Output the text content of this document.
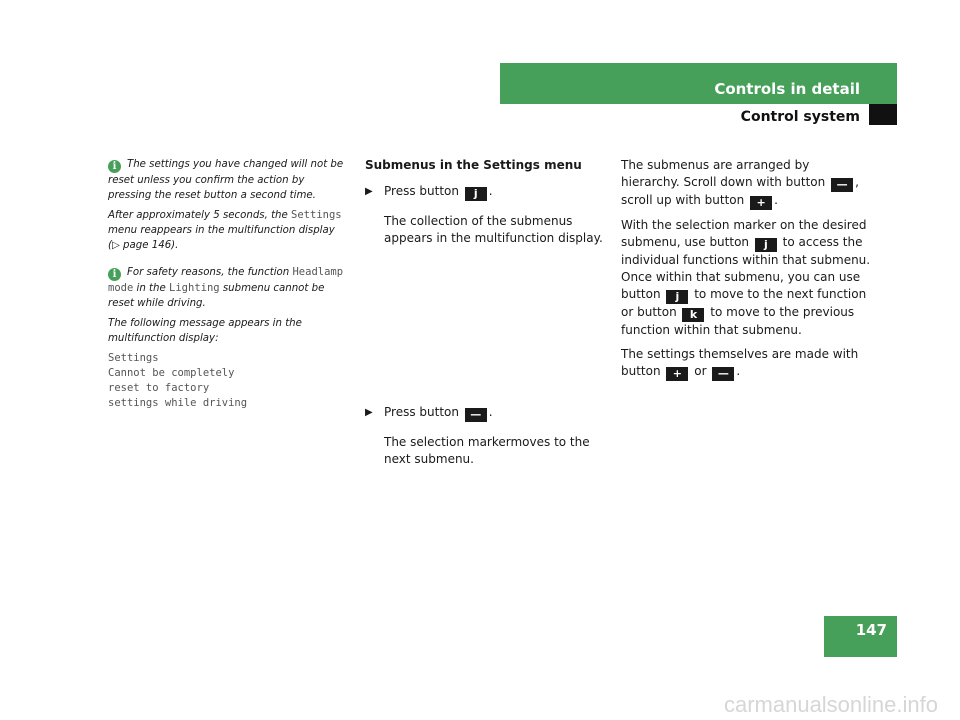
Controls in detail
Control system
147

i The settings you have changed will not be reset unless you confirm the action by pressing the reset button a second time.

After approximately 5 seconds, the Settings menu reappears in the multifunction display
(▷ page 146).

i For safety reasons, the function Headlamp mode in the Lighting submenu cannot be reset while driving.

The following message appears in the multifunction display:

Settings
Cannot be completely
reset to factory
settings while driving
Submenus in the Settings menu
▶ Press button j .

The collection of the submenus appears in the multifunction display.

▶ Press button — .

The selection markermoves to the next submenu.

The submenus are arranged by hierarchy. Scroll down with button — , scroll up with button + .

With the selection marker on the desired submenu, use button j to access the individual functions within that submenu. Once within that submenu, you can use button j to move to the next function or button k to move to the previous function within that submenu.

The settings themselves are made with button + or — .

carmanualsonline.info
